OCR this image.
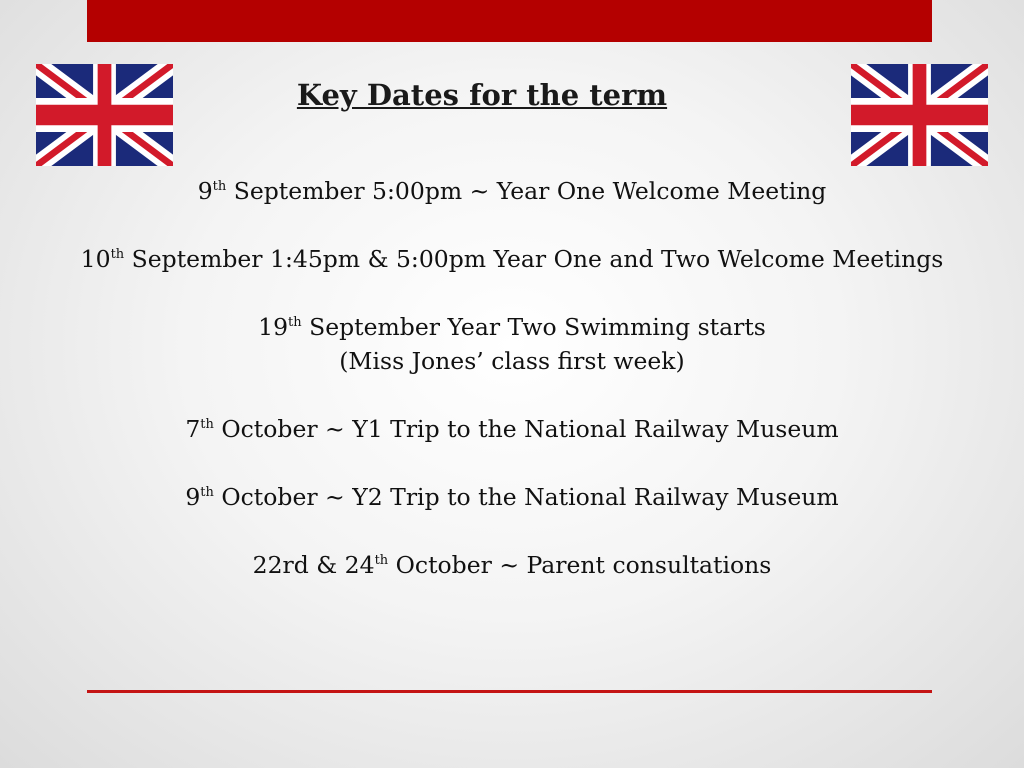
Key Dates for the term
9th September 5:00pm ~ Year One Welcome Meeting
10th September 1:45pm & 5:00pm Year One and Two Welcome Meetings
19th September Year Two Swimming starts
(Miss Jones’ class first week)
7th October ~ Y1 Trip to the National Railway Museum
9th October ~ Y2 Trip to the National Railway Museum
22rd & 24th October ~ Parent consultations
